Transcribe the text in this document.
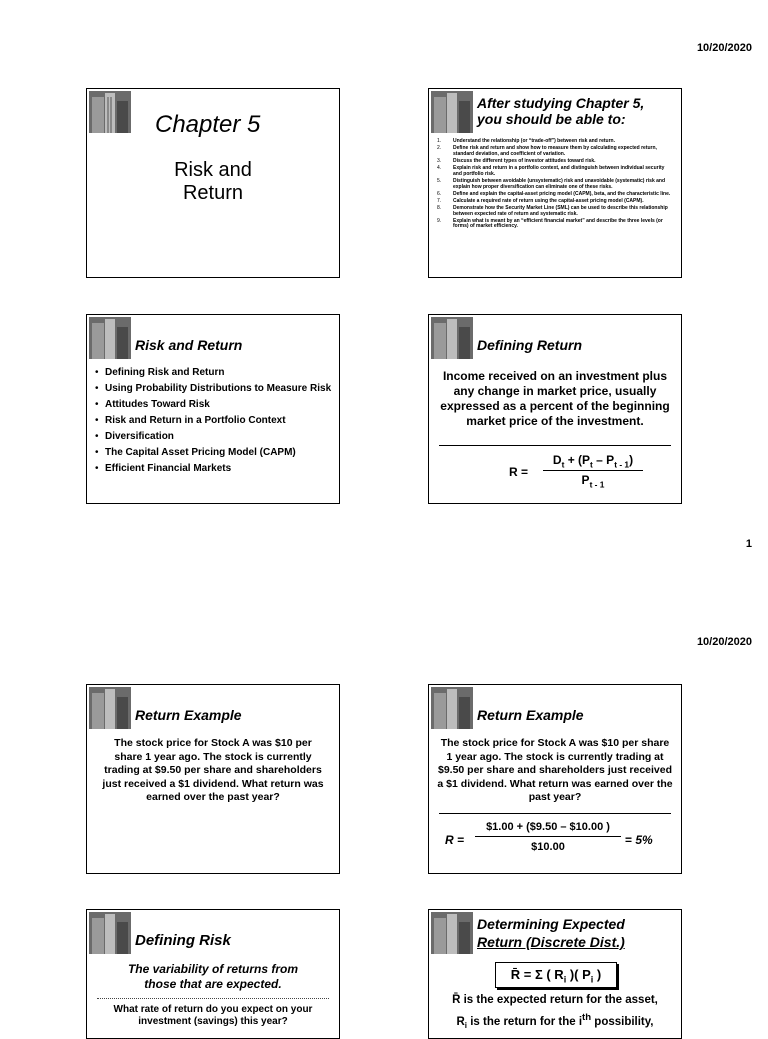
10/20/2020
Chapter 5
Risk and
Return
After studying Chapter 5,
you should be able to:
1. Understand the relationship (or “trade-off”) between risk and return.
2. Define risk and return and show how to measure them by calculating expected return, standard deviation, and coefficient of variation.
3. Discuss the different types of investor attitudes toward risk.
4. Explain risk and return in a portfolio context, and distinguish between individual security and portfolio risk.
5. Distinguish between avoidable (unsystematic) risk and unavoidable (systematic) risk and explain how proper diversification can eliminate one of these risks.
6. Define and explain the capital-asset pricing model (CAPM), beta, and the characteristic line.
7. Calculate a required rate of return using the capital-asset pricing model (CAPM).
8. Demonstrate how the Security Market Line (SML) can be used to describe this relationship between expected rate of return and systematic risk.
9. Explain what is meant by an “efficient financial market” and describe the three levels (or forms) of market efficiency.
Risk and Return
• Defining Risk and Return
• Using Probability Distributions to Measure Risk
• Attitudes Toward Risk
• Risk and Return in a Portfolio Context
• Diversification
• The Capital Asset Pricing Model (CAPM)
• Efficient Financial Markets
Defining Return
Income received on an investment plus any change in market price, usually expressed as a percent of the beginning market price of the investment.
R =
$D_t + (P_t - P_{t - 1})$
$P_{t - 1}$
1
10/20/2020
Return Example
The stock price for Stock A was $10 per share 1 year ago. The stock is currently trading at $9.50 per share and shareholders just received a $1 dividend. What return was earned over the past year?
Return Example
The stock price for Stock A was $10 per share 1 year ago. The stock is currently trading at $9.50 per share and shareholders just received a $1 dividend. What return was earned over the past year?
R =
$1.00 + ($9.50 – $10.00 )
$10.00	= 5%
Defining Risk
The variability of returns from those that are expected.
What rate of return do you expect on your investment (savings) this year?
Determining Expected
Return (Discrete Dist.)
R̄ = Σ ( $R_i$ )( $P_i$ )
R̄ is the expected return for the asset,
$R_i$ is the return for the $i^{th}$ possibility,
